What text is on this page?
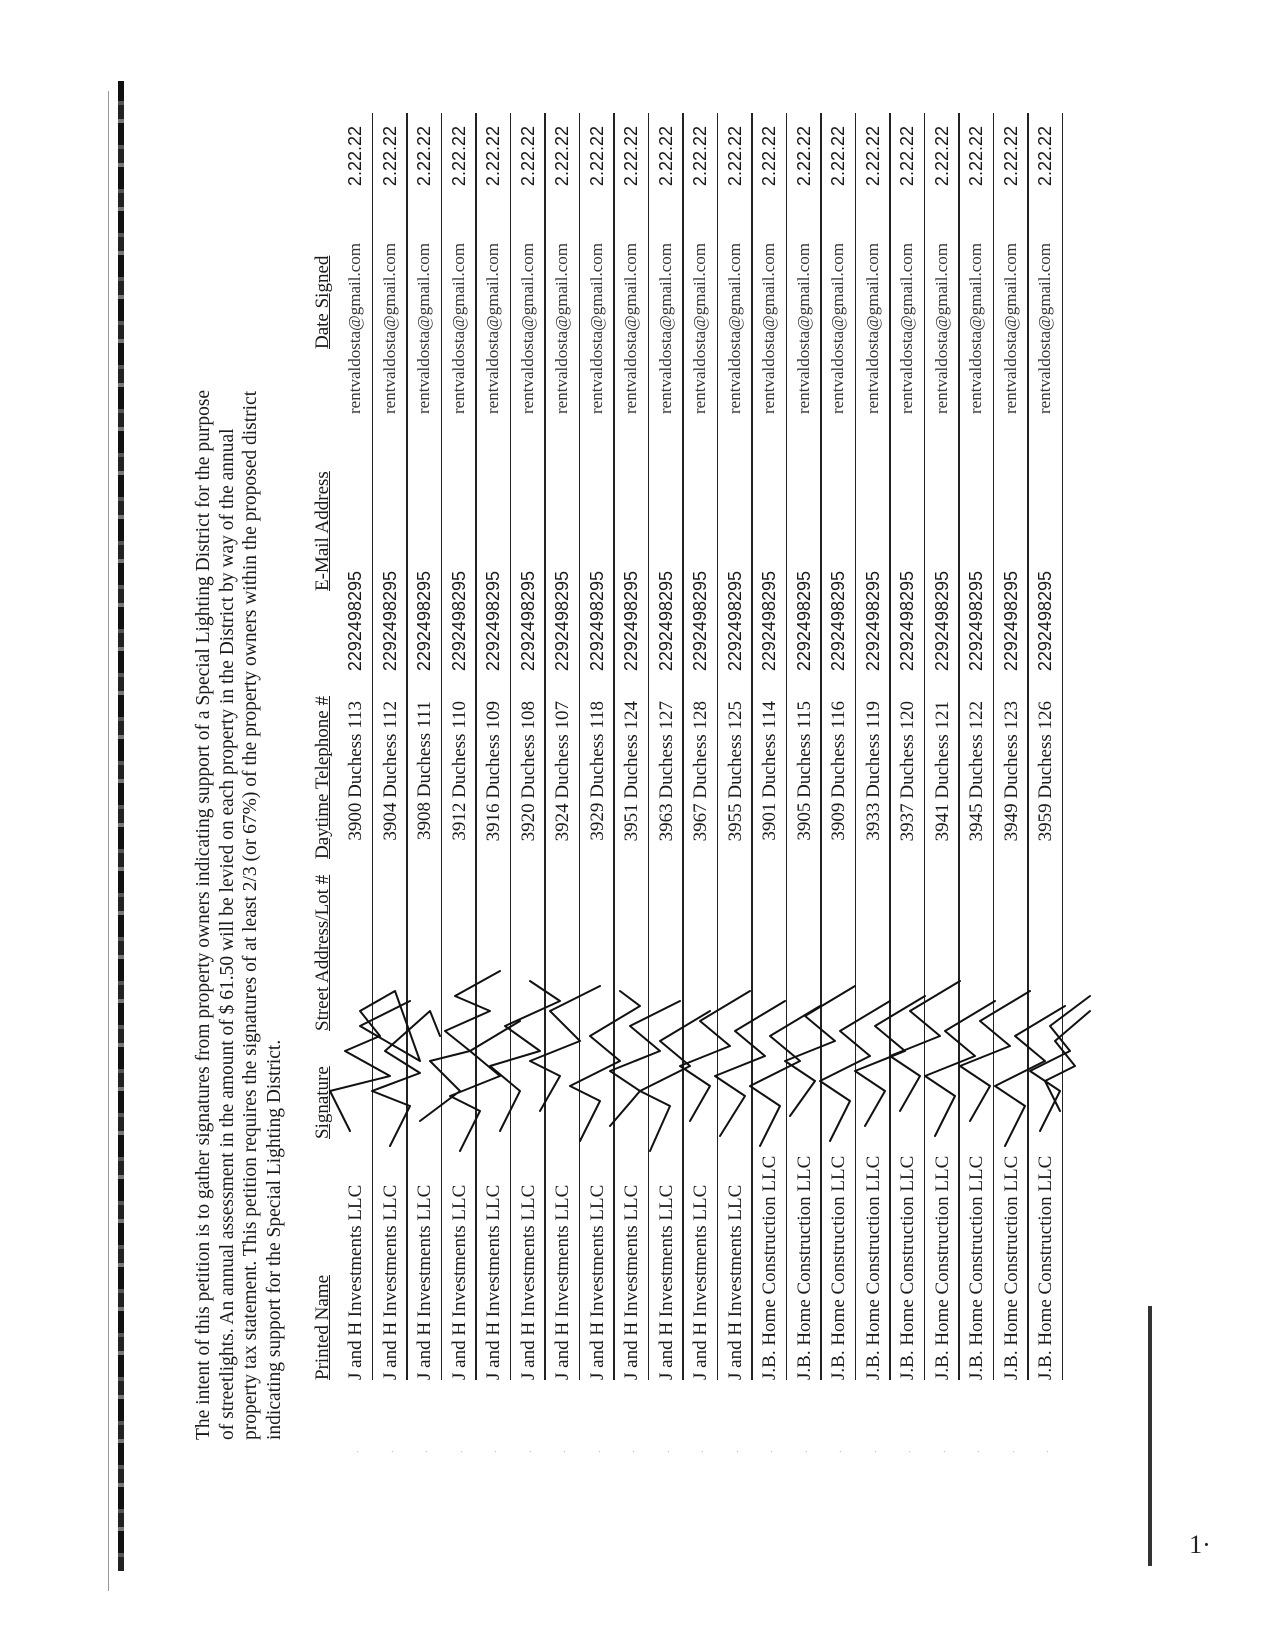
The intent of this petition is to gather signatures from property owners indicating support of a Special Lighting District for the purpose of streetlights. An annual assessment in the amount of $ 61.50 will be levied on each property in the District by way of the annual property tax statement. This petition requires the signatures of at least 2/3 (or 67%) of the property owners within the proposed district indicating support for the Special Lighting District. Printed Name
Signature
Street Address/Lot #
Daytime Telephone #
E-Mail Address
Date Signed
.
J and H Investments LLC
3900 Duchess 113
2292498295
rentvaldosta@gmail.com
2.22.22
.
J and H Investments LLC
3904 Duchess 112
2292498295
rentvaldosta@gmail.com
2.22.22
.
J and H Investments LLC
3908 Duchess 111
2292498295
rentvaldosta@gmail.com
2.22.22
.
J and H Investments LLC
3912 Duchess 110
2292498295
rentvaldosta@gmail.com
2.22.22
.
J and H Investments LLC
3916 Duchess 109
2292498295
rentvaldosta@gmail.com
2.22.22
.
J and H Investments LLC
3920 Duchess 108
2292498295
rentvaldosta@gmail.com
2.22.22
.
J and H Investments LLC
3924 Duchess 107
2292498295
rentvaldosta@gmail.com
2.22.22
.
J and H Investments LLC
3929 Duchess 118
2292498295
rentvaldosta@gmail.com
2.22.22
.
J and H Investments LLC
3951 Duchess 124
2292498295
rentvaldosta@gmail.com
2.22.22
.
J and H Investments LLC
3963 Duchess 127
2292498295
rentvaldosta@gmail.com
2.22.22
.
J and H Investments LLC
3967 Duchess 128
2292498295
rentvaldosta@gmail.com
2.22.22
.
J and H Investments LLC
3955 Duchess 125
2292498295
rentvaldosta@gmail.com
2.22.22
.
J.B. Home Construction LLC
3901 Duchess 114
2292498295
rentvaldosta@gmail.com
2.22.22
.
J.B. Home Construction LLC
3905 Duchess 115
2292498295
rentvaldosta@gmail.com
2.22.22
.
J.B. Home Construction LLC
3909 Duchess 116
2292498295
rentvaldosta@gmail.com
2.22.22
.
J.B. Home Construction LLC
3933 Duchess 119
2292498295
rentvaldosta@gmail.com
2.22.22
.
J.B. Home Construction LLC
3937 Duchess 120
2292498295
rentvaldosta@gmail.com
2.22.22
.
J.B. Home Construction LLC
3941 Duchess 121
2292498295
rentvaldosta@gmail.com
2.22.22
.
J.B. Home Construction LLC
3945 Duchess 122
2292498295
rentvaldosta@gmail.com
2.22.22
.
J.B. Home Construction LLC
3949 Duchess 123
2292498295
rentvaldosta@gmail.com
2.22.22
.
J.B. Home Construction LLC
3959 Duchess 126
2292498295
rentvaldosta@gmail.com
2.22.22
1·
